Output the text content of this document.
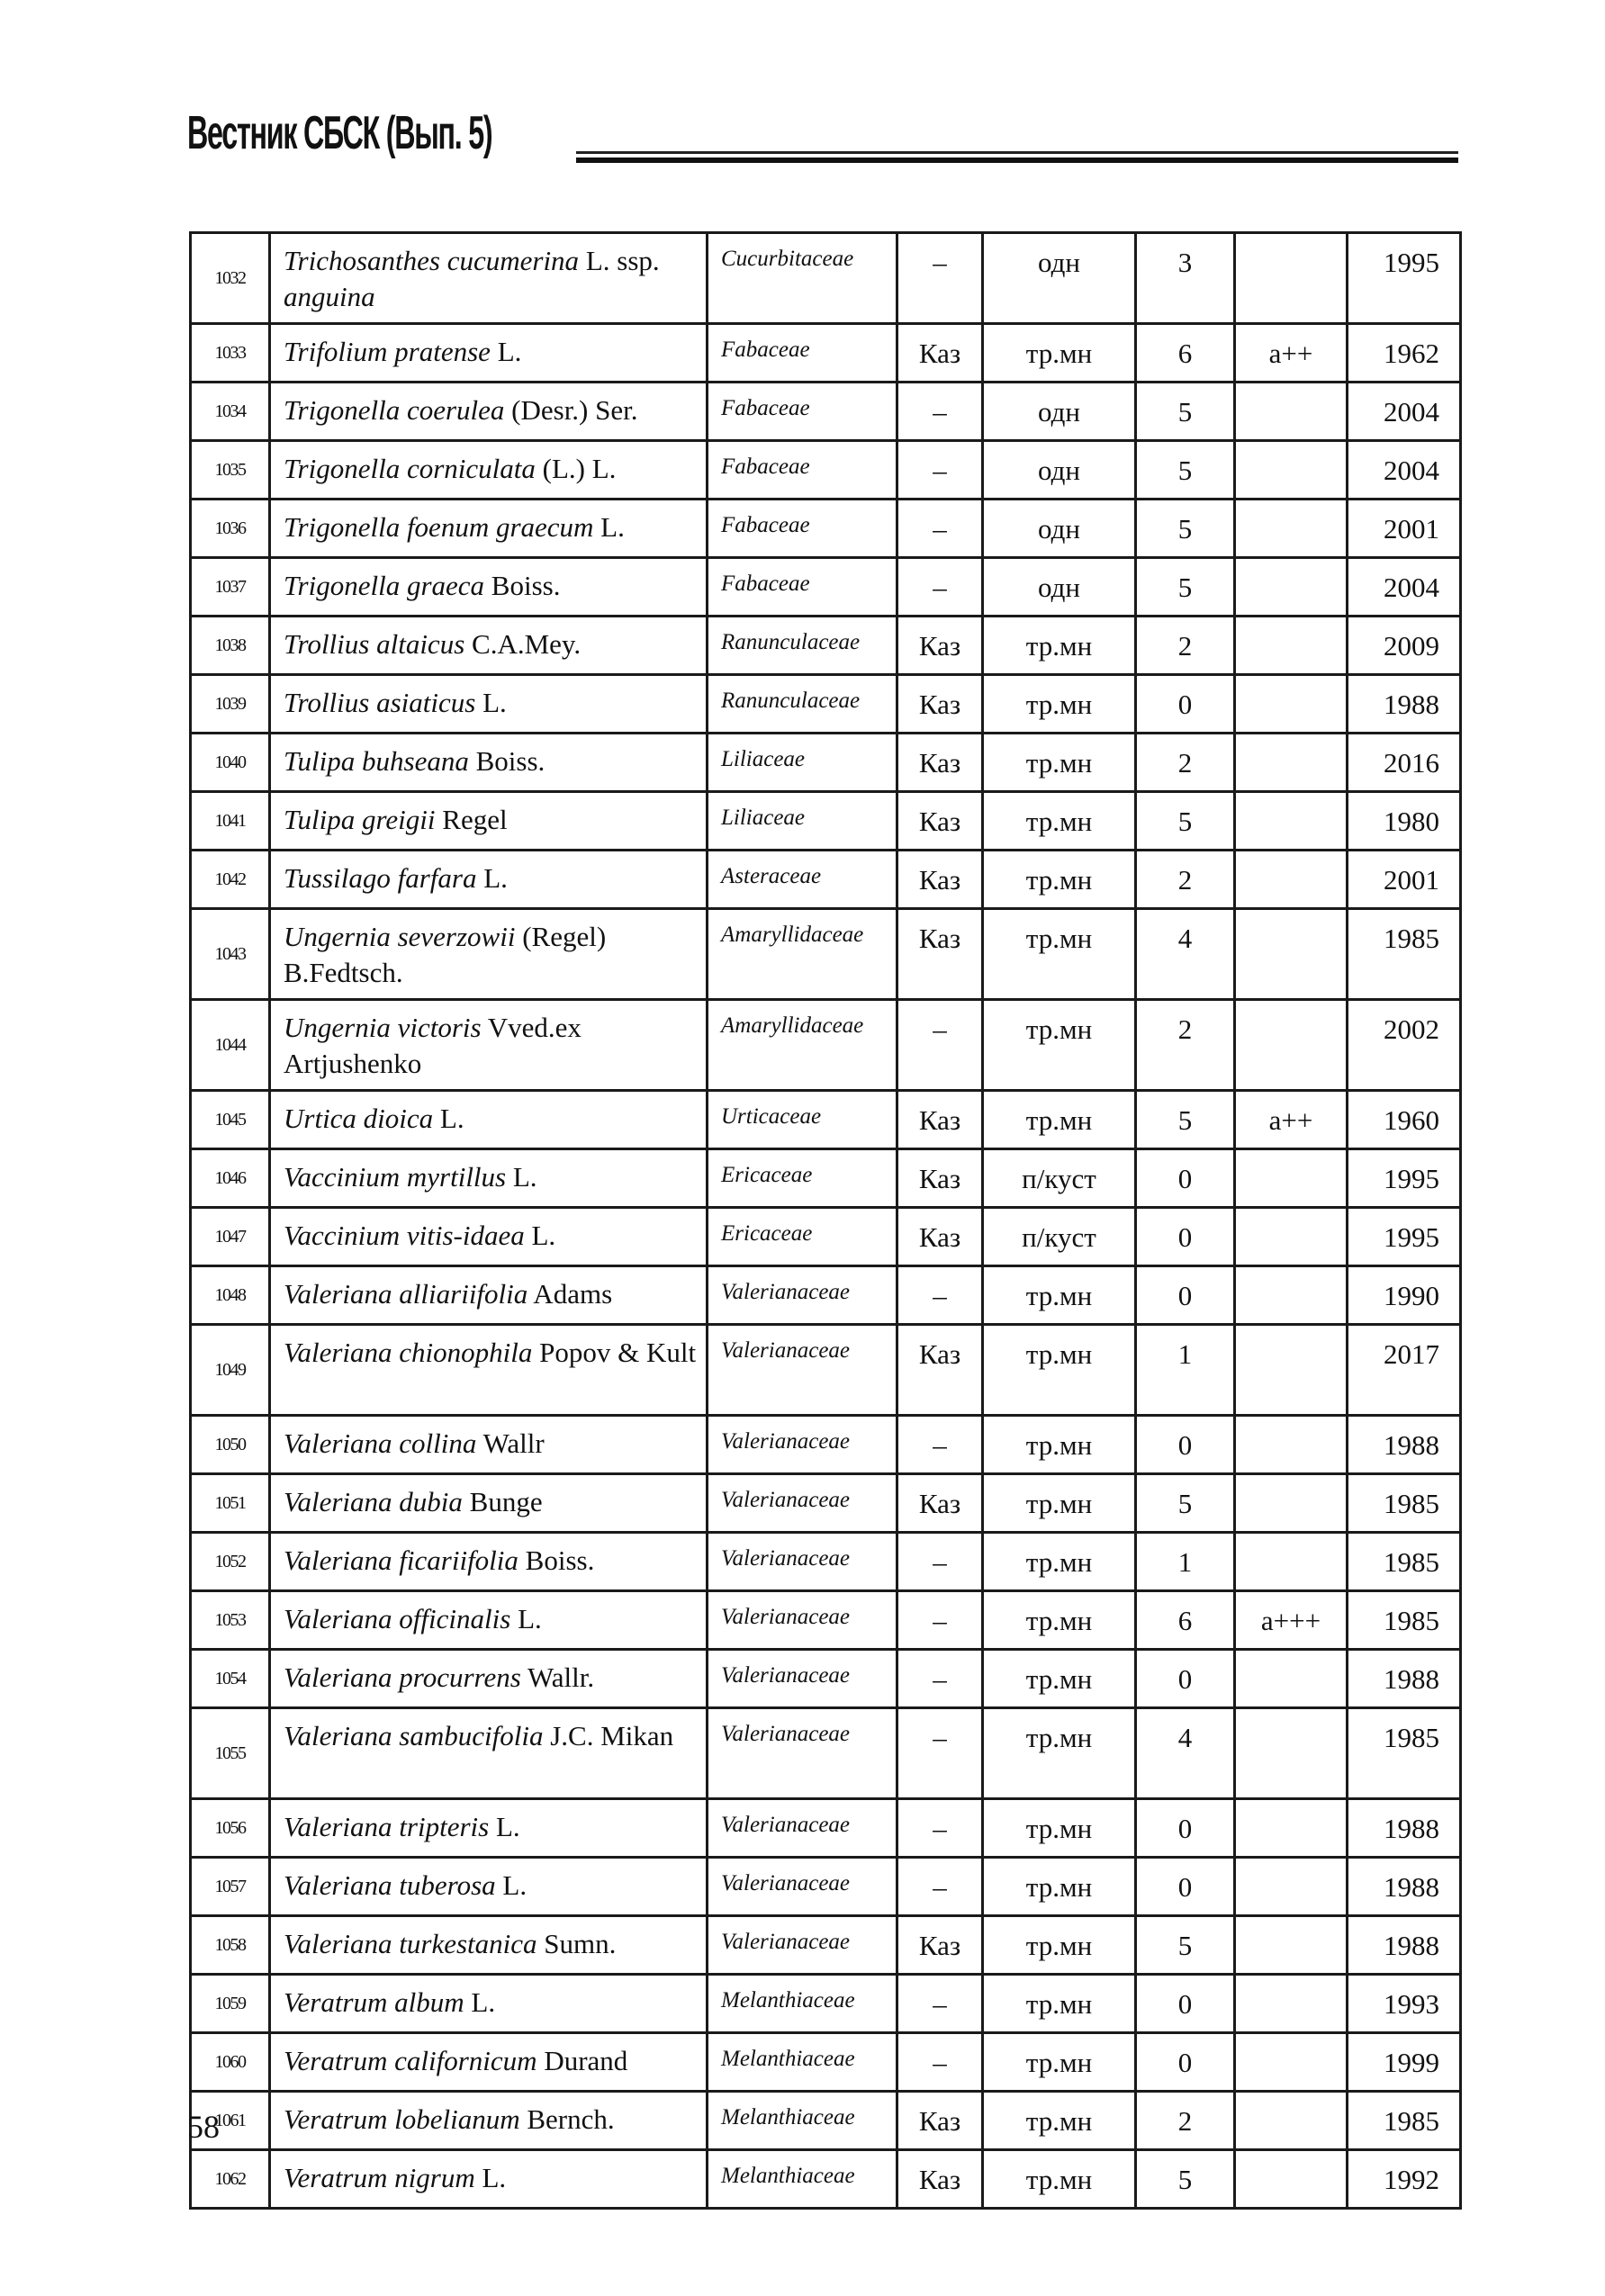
Вестник СБСК (Вып. 5)
1032	Trichosanthes cucumerina L. ssp. anguina	Cucurbitaceae	–	одн	3		1995
1033	Trifolium pratense L.	Fabaceae	Каз	тр.мн	6	a++	1962
1034	Trigonella coerulea (Desr.) Ser.	Fabaceae	–	одн	5		2004
1035	Trigonella corniculata (L.) L.	Fabaceae	–	одн	5		2004
1036	Trigonella foenum graecum L.	Fabaceae	–	одн	5		2001
1037	Trigonella graeca Boiss.	Fabaceae	–	одн	5		2004
1038	Trollius altaicus C.A.Mey.	Ranunculaceae	Каз	тр.мн	2		2009
1039	Trollius asiaticus L.	Ranunculaceae	Каз	тр.мн	0		1988
1040	Tulipa buhseana Boiss.	Liliaceae	Каз	тр.мн	2		2016
1041	Tulipa greigii Regel	Liliaceae	Каз	тр.мн	5		1980
1042	Tussilago farfara L.	Asteraceae	Каз	тр.мн	2		2001
1043	Ungernia severzowii (Regel) B.Fedtsch.	Amaryllidaceae	Каз	тр.мн	4		1985
1044	Ungernia victoris Vved.ex Artjushenko	Amaryllidaceae	–	тр.мн	2		2002
1045	Urtica dioica L.	Urticaceae	Каз	тр.мн	5	a++	1960
1046	Vaccinium myrtillus L.	Ericaceae	Каз	п/куст	0		1995
1047	Vaccinium vitis-idaea L.	Ericaceae	Каз	п/куст	0		1995
1048	Valeriana alliariifolia Adams	Valerianaceae	–	тр.мн	0		1990
1049	Valeriana chionophila Popov & Kult	Valerianaceae	Каз	тр.мн	1		2017
1050	Valeriana collina Wallr	Valerianaceae	–	тр.мн	0		1988
1051	Valeriana dubia Bunge	Valerianaceae	Каз	тр.мн	5		1985
1052	Valeriana ficariifolia Boiss.	Valerianaceae	–	тр.мн	1		1985
1053	Valeriana officinalis L.	Valerianaceae	–	тр.мн	6	a+++	1985
1054	Valeriana procurrens Wallr.	Valerianaceae	–	тр.мн	0		1988
1055	Valeriana sambucifolia J.C. Mikan	Valerianaceae	–	тр.мн	4		1985
1056	Valeriana tripteris L.	Valerianaceae	–	тр.мн	0		1988
1057	Valeriana tuberosa L.	Valerianaceae	–	тр.мн	0		1988
1058	Valeriana turkestanica Sumn.	Valerianaceae	Каз	тр.мн	5		1988
1059	Veratrum album L.	Melanthiaceae	–	тр.мн	0		1993
1060	Veratrum californicum Durand	Melanthiaceae	–	тр.мн	0		1999
1061	Veratrum lobelianum Bernch.	Melanthiaceae	Каз	тр.мн	2		1985
1062	Veratrum nigrum L.	Melanthiaceae	Каз	тр.мн	5		1992
58
